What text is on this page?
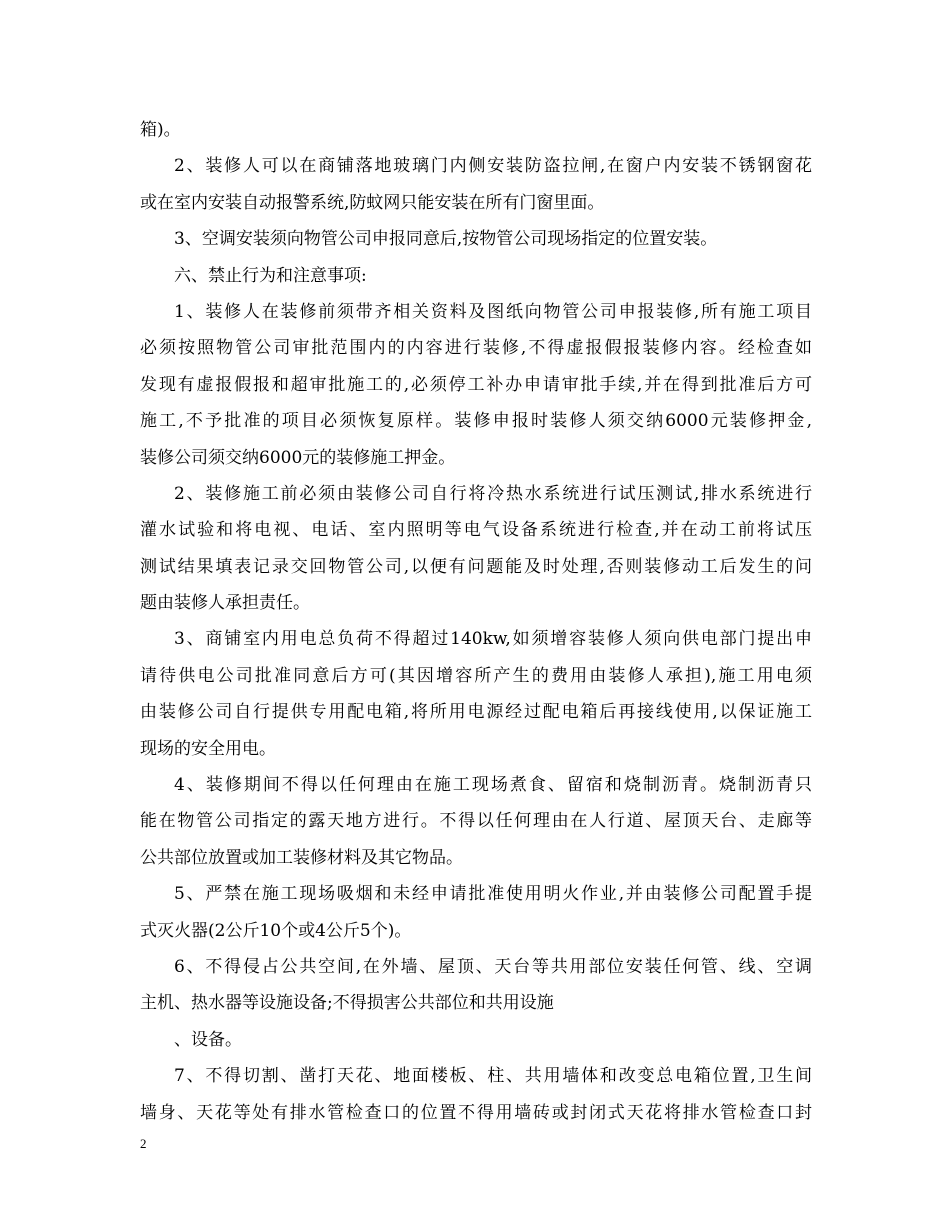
箱)。
2、装修人可以在商铺落地玻璃门内侧安装防盗拉闸,在窗户内安装不锈钢窗花
或在室内安装自动报警系统,防蚊网只能安装在所有门窗里面。
3、空调安装须向物管公司申报同意后,按物管公司现场指定的位置安装。
六、禁止行为和注意事项:
1、装修人在装修前须带齐相关资料及图纸向物管公司申报装修,所有施工项目
必须按照物管公司审批范围内的内容进行装修,不得虚报假报装修内容。经检查如
发现有虚报假报和超审批施工的,必须停工补办申请审批手续,并在得到批准后方可
施工,不予批准的项目必须恢复原样。装修申报时装修人须交纳6000元装修押金,
装修公司须交纳6000元的装修施工押金。
2、装修施工前必须由装修公司自行将冷热水系统进行试压测试,排水系统进行
灌水试验和将电视、电话、室内照明等电气设备系统进行检查,并在动工前将试压
测试结果填表记录交回物管公司,以便有问题能及时处理,否则装修动工后发生的问
题由装修人承担责任。
3、商铺室内用电总负荷不得超过140kw,如须增容装修人须向供电部门提出申
请待供电公司批准同意后方可(其因增容所产生的费用由装修人承担),施工用电须
由装修公司自行提供专用配电箱,将所用电源经过配电箱后再接线使用,以保证施工
现场的安全用电。
4、装修期间不得以任何理由在施工现场煮食、留宿和烧制沥青。烧制沥青只
能在物管公司指定的露天地方进行。不得以任何理由在人行道、屋顶天台、走廊等
公共部位放置或加工装修材料及其它物品。
5、严禁在施工现场吸烟和未经申请批准使用明火作业,并由装修公司配置手提
式灭火器(2公斤10个或4公斤5个)。
6、不得侵占公共空间,在外墙、屋顶、天台等共用部位安装任何管、线、空调
主机、热水器等设施设备;不得损害公共部位和共用设施
、设备。
7、不得切割、凿打天花、地面楼板、柱、共用墙体和改变总电箱位置,卫生间
墙身、天花等处有排水管检查口的位置不得用墙砖或封闭式天花将排水管检查口封
2
